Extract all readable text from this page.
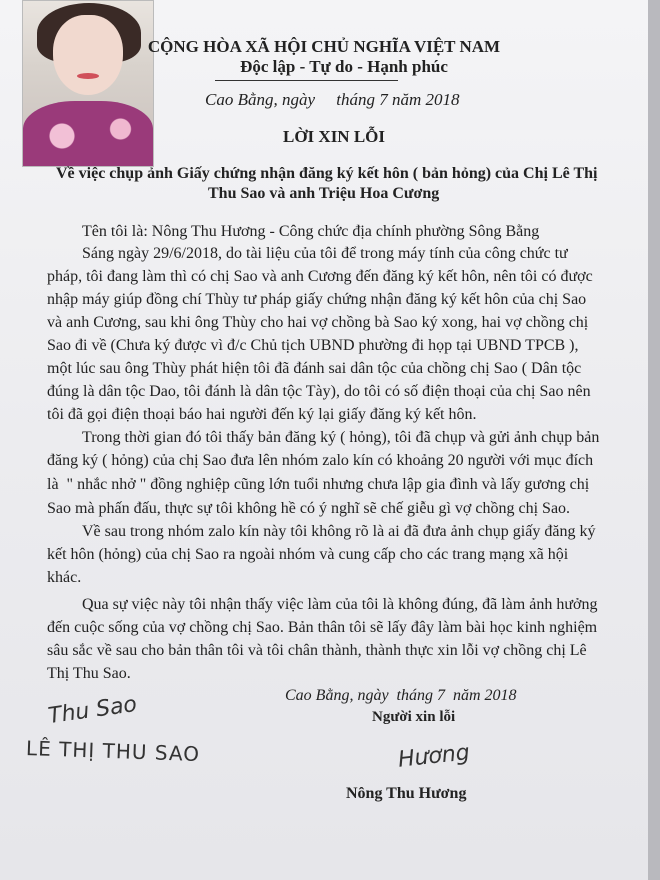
CỘNG HÒA XÃ HỘI CHỦ NGHĨA VIỆT NAM
Độc lập - Tự do - Hạnh phúc
Cao Bằng, ngày     tháng 7 năm 2018
LỜI XIN LỖI
Về việc chụp ảnh Giấy chứng nhận đăng ký kết hôn ( bản hỏng) của Chị Lê Thị
Thu Sao và anh Triệu Hoa Cương
Tên tôi là: Nông Thu Hương - Công chức địa chính phường Sông Bằng
Sáng ngày 29/6/2018, do tài liệu của tôi để trong máy tính của công chức tư
pháp, tôi đang làm thì có chị Sao và anh Cương đến đăng ký kết hôn, nên tôi có được
nhập máy giúp đồng chí Thùy tư pháp giấy chứng nhận đăng ký kết hôn của chị Sao
và anh Cương, sau khi ông Thùy cho hai vợ chồng bà Sao ký xong, hai vợ chồng chị
Sao đi về (Chưa ký được vì đ/c Chủ tịch UBND phường đi họp tại UBND TPCB ),
một lúc sau ông Thùy phát hiện tôi đã đánh sai dân tộc của chồng chị Sao ( Dân tộc
đúng là dân tộc Dao, tôi đánh là dân tộc Tày), do tôi có số điện thoại của chị Sao nên
tôi đã gọi điện thoại báo hai người đến ký lại giấy đăng ký kết hôn.
Trong thời gian đó tôi thấy bản đăng ký ( hỏng), tôi đã chụp và gửi ảnh chụp bản
đăng ký ( hỏng) của chị Sao đưa lên nhóm zalo kín có khoảng 20 người với mục đích
là  " nhắc nhở " đồng nghiệp cũng lớn tuổi nhưng chưa lập gia đình và lấy gương chị
Sao mà phấn đấu, thực sự tôi không hề có ý nghĩ sẽ chế giễu gì vợ chồng chị Sao.
Về sau trong nhóm zalo kín này tôi không rõ là ai đã đưa ảnh chụp giấy đăng ký
kết hôn (hỏng) của chị Sao ra ngoài nhóm và cung cấp cho các trang mạng xã hội
khác.
Qua sự việc này tôi nhận thấy việc làm của tôi là không đúng, đã làm ảnh hưởng
đến cuộc sống của vợ chồng chị Sao. Bản thân tôi sẽ lấy đây làm bài học kinh nghiệm
sâu sắc về sau cho bản thân tôi và tôi chân thành, thành thực xin lỗi vợ chồng chị Lê
Thị Thu Sao.
Cao Bằng, ngày  tháng 7  năm 2018
Người xin lỗi
Hương
Nông Thu Hương
Thu Sao
LÊ THỊ THU SAO
